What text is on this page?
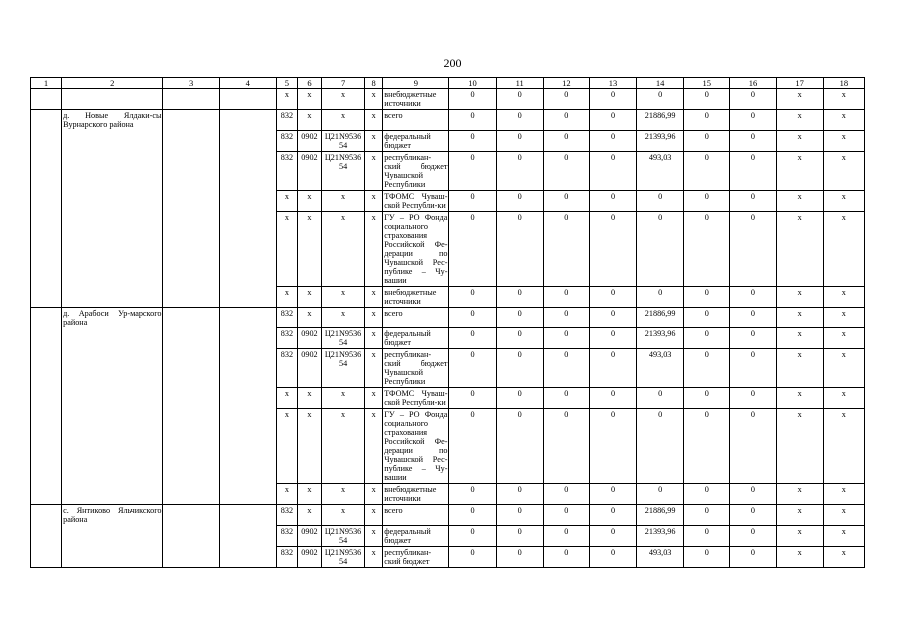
200
1	2	3	4	5	6	7	8	9	10	11	12	13	14	15	16	17	18
				х	х	х	х	внебюджетные источники	0	0	0	0	0	0	0	х	х
	д. Новые Ялдаки-сы Вурнарского района			832	х	х	х	всего	0	0	0	0	21886,99	0	0	х	х
				832	0902	Ц21N9536 54	х	федеральный бюджет	0	0	0	0	21393,96	0	0	х	х
				832	0902	Ц21N9536 54	х	республикан-ский бюджет Чувашской Республики	0	0	0	0	493,03	0	0	х	х
				х	х	х	х	ТФОМС Чуваш-ской Республи-ки	0	0	0	0	0	0	0	х	х
				х	х	х	х	ГУ – РО Фонда социального страхования Российской Фе-дерации по Чувашской Рес-публике – Чу-вашии	0	0	0	0	0	0	0	х	х
				х	х	х	х	внебюджетные источники	0	0	0	0	0	0	0	х	х
	д. Арабоси Ур-марского района			832	х	х	х	всего	0	0	0	0	21886,99	0	0	х	х
				832	0902	Ц21N9536 54	х	федеральный бюджет	0	0	0	0	21393,96	0	0	х	х
				832	0902	Ц21N9536 54	х	республикан-ский бюджет Чувашской Республики	0	0	0	0	493,03	0	0	х	х
				х	х	х	х	ТФОМС Чуваш-ской Республи-ки	0	0	0	0	0	0	0	х	х
				х	х	х	х	ГУ – РО Фонда социального страхования Российской Фе-дерации по Чувашской Рес-публике – Чу-вашии	0	0	0	0	0	0	0	х	х
				х	х	х	х	внебюджетные источники	0	0	0	0	0	0	0	х	х
	с. Янтиково Яльчикского района			832	х	х	х	всего	0	0	0	0	21886,99	0	0	х	х
				832	0902	Ц21N9536 54	х	федеральный бюджет	0	0	0	0	21393,96	0	0	х	х
				832	0902	Ц21N9536 54	х	республикан-ский бюджет	0	0	0	0	493,03	0	0	х	х
